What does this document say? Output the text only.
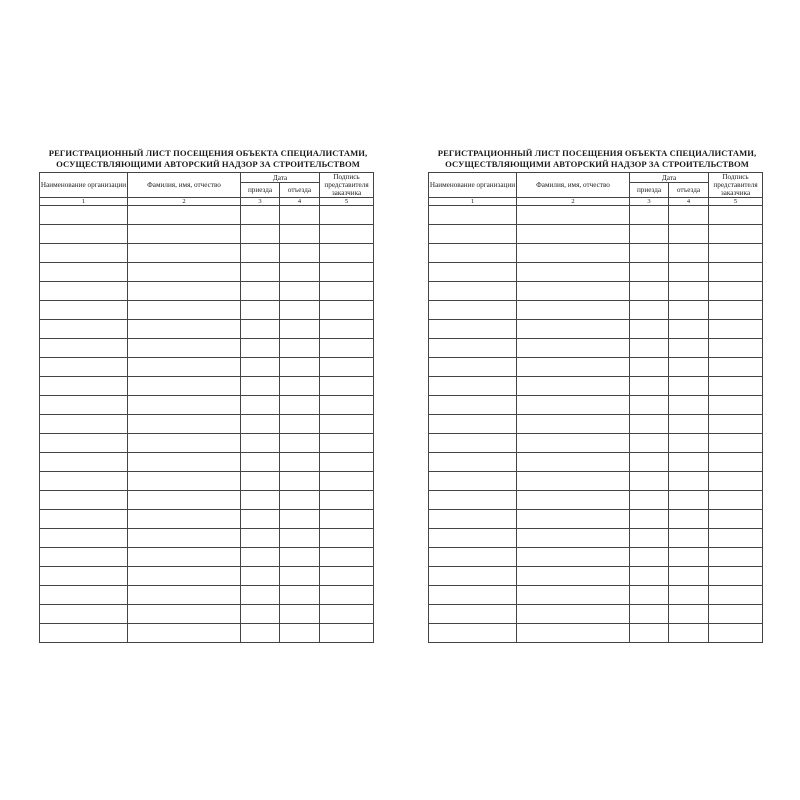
РЕГИСТРАЦИОННЫЙ ЛИСТ ПОСЕЩЕНИЯ ОБЪЕКТА СПЕЦИАЛИСТАМИ,
ОСУЩЕСТВЛЯЮЩИМИ АВТОРСКИЙ НАДЗОР ЗА СТРОИТЕЛЬСТВОМ
Наименование организации	Фамилия, имя, отчество	Дата		Подпись представителя заказчика
		приезда	отъезда	
1	2	3	4	5

РЕГИСТРАЦИОННЫЙ ЛИСТ ПОСЕЩЕНИЯ ОБЪЕКТА СПЕЦИАЛИСТАМИ,
ОСУЩЕСТВЛЯЮЩИМИ АВТОРСКИЙ НАДЗОР ЗА СТРОИТЕЛЬСТВОМ
Наименование организации	Фамилия, имя, отчество	Дата		Подпись представителя заказчика
		приезда	отъезда	
1	2	3	4	5
